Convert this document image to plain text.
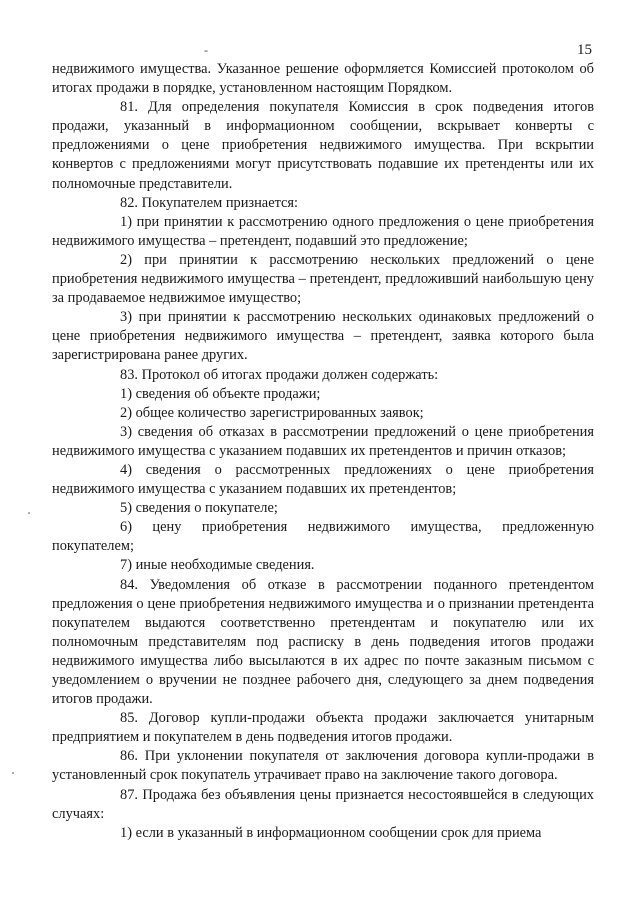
-	15

недвижимого имущества. Указанное решение оформляется Комиссией протоколом об итогах продажи в порядке, установленном настоящим Порядком.

81. Для определения покупателя Комиссия в срок подведения итогов продажи, указанный в информационном сообщении, вскрывает конверты с предложениями о цене приобретения недвижимого имущества. При вскрытии конвертов с предложениями могут присутствовать подавшие их претенденты или их полномочные представители.

82. Покупателем признается:

1) при принятии к рассмотрению одного предложения о цене приобретения недвижимого имущества – претендент, подавший это предложение;

2) при принятии к рассмотрению нескольких предложений о цене приобретения недвижимого имущества – претендент, предложивший наибольшую цену за продаваемое недвижимое имущество;

3) при принятии к рассмотрению нескольких одинаковых предложений о цене приобретения недвижимого имущества – претендент, заявка которого была зарегистрирована ранее других.

83. Протокол об итогах продажи должен содержать:

1) сведения об объекте продажи;

2) общее количество зарегистрированных заявок;

3) сведения об отказах в рассмотрении предложений о цене приобретения недвижимого имущества с указанием подавших их претендентов и причин отказов;

4) сведения о рассмотренных предложениях о цене приобретения недвижимого имущества с указанием подавших их претендентов;

5) сведения о покупателе;

6) цену приобретения недвижимого имущества, предложенную покупателем;

7) иные необходимые сведения.

84. Уведомления об отказе в рассмотрении поданного претендентом предложения о цене приобретения недвижимого имущества и о признании претендента покупателем выдаются соответственно претендентам и покупателю или их полномочным представителям под расписку в день подведения итогов продажи недвижимого имущества либо высылаются в их адрес по почте заказным письмом с уведомлением о вручении не позднее рабочего дня, следующего за днем подведения итогов продажи.

85. Договор купли-продажи объекта продажи заключается унитарным предприятием и покупателем в день подведения итогов продажи.

86. При уклонении покупателя от заключения договора купли-продажи в установленный срок покупатель утрачивает право на заключение такого договора.

87. Продажа без объявления цены признается несостоявшейся в следующих случаях:

1) если в указанный в информационном сообщении срок для приема
